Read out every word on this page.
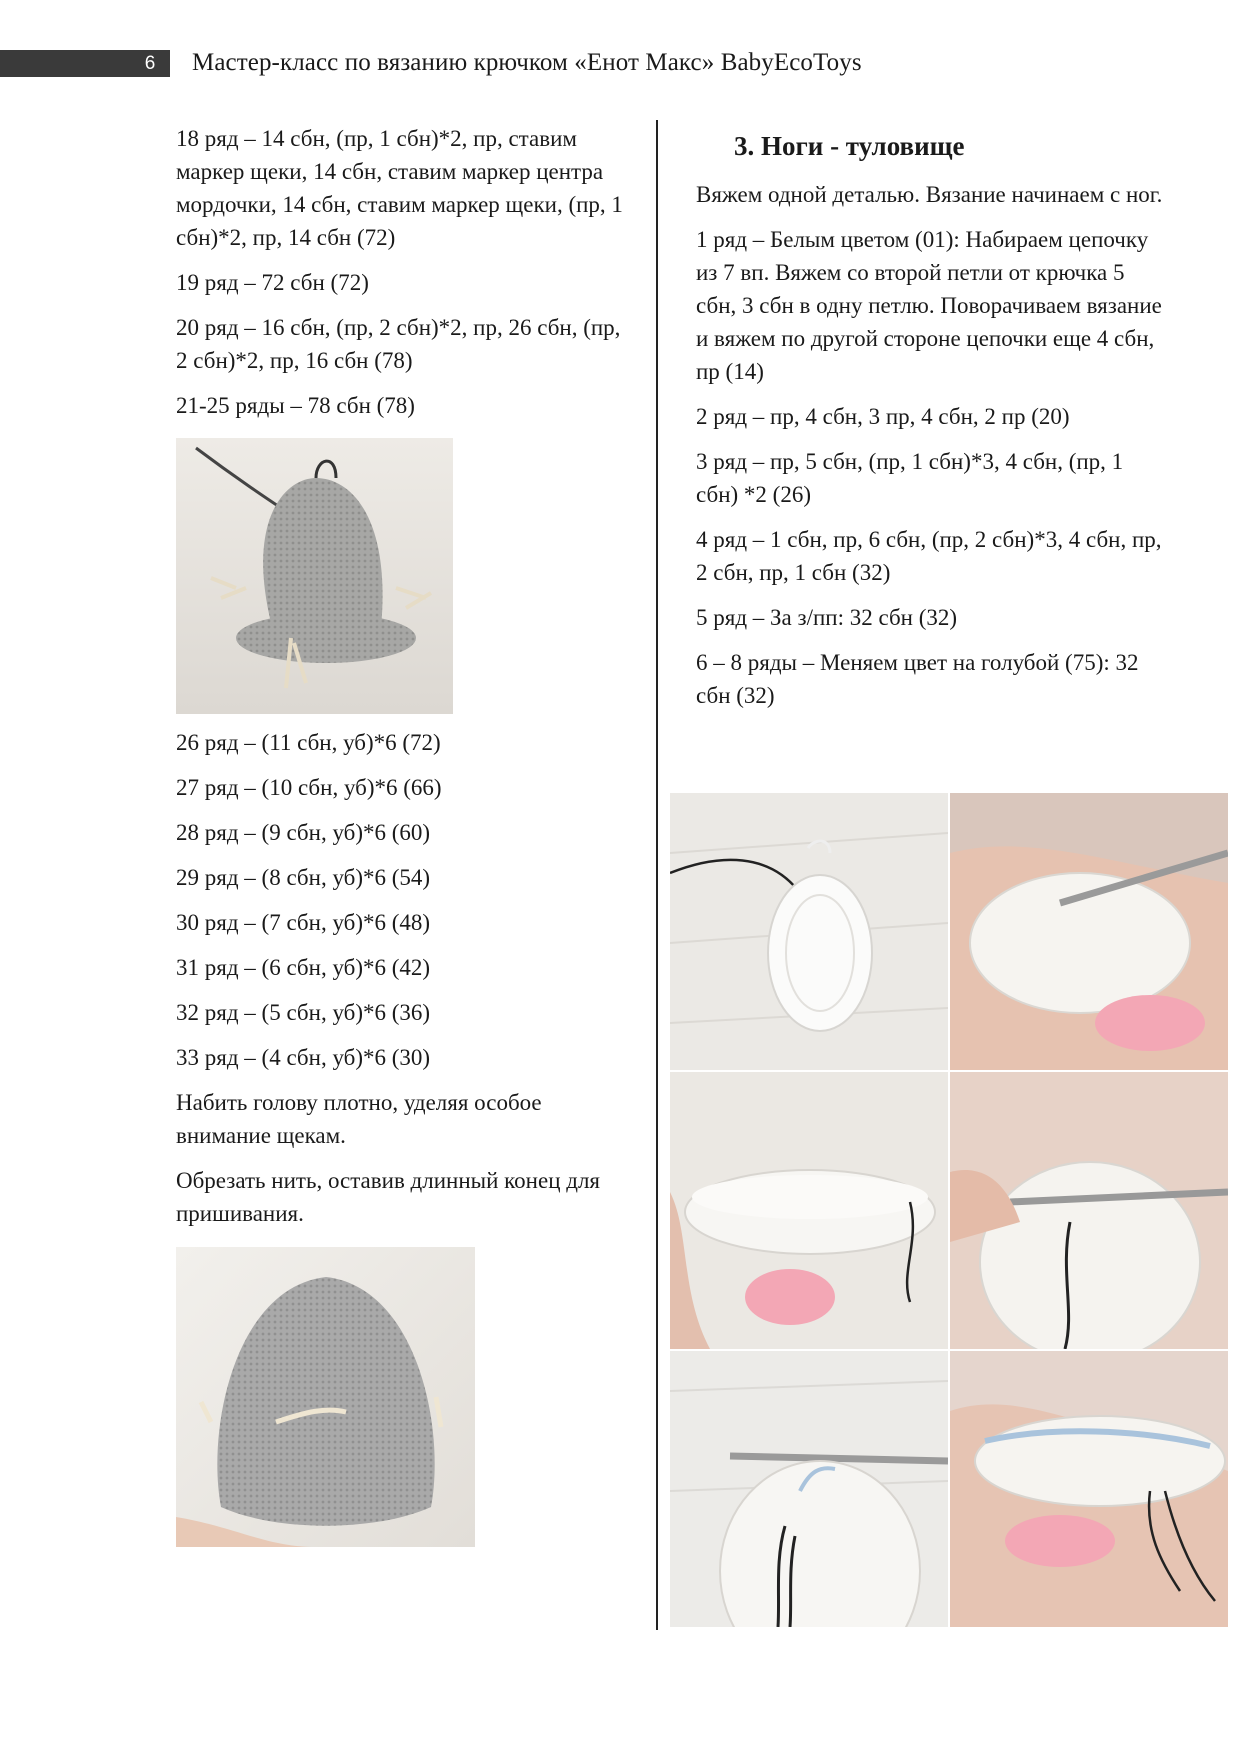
6	Мастер-класс по вязанию крючком «Енот Макс» BabyEcoToys

18 ряд – 14 сбн, (пр, 1 сбн)*2, пр, ставим маркер щеки, 14 сбн, ставим маркер центра мордочки, 14 сбн, ставим маркер щеки, (пр, 1 сбн)*2, пр, 14 сбн (72)

19 ряд – 72 сбн (72)

20 ряд – 16 сбн, (пр, 2 сбн)*2, пр, 26 сбн, (пр, 2 сбн)*2, пр, 16 сбн (78)

21-25 ряды – 78 сбн (78)

26 ряд – (11 сбн, уб)*6 (72)

27 ряд – (10 сбн, уб)*6 (66)

28 ряд – (9 сбн, уб)*6 (60)

29 ряд – (8 сбн, уб)*6 (54)

30 ряд – (7 сбн, уб)*6 (48)

31 ряд – (6 сбн, уб)*6 (42)

32 ряд – (5 сбн, уб)*6 (36)

33 ряд – (4 сбн, уб)*6 (30)

Набить голову плотно, уделяя особое внимание щекам.

Обрезать нить, оставив длинный конец для пришивания.

3. Ноги - туловище

Вяжем одной деталью. Вязание начинаем с ног.

1 ряд – Белым цветом (01): Набираем цепочку из 7 вп. Вяжем со второй петли от крючка 5 сбн, 3 сбн в одну петлю. Поворачиваем вязание и вяжем по другой стороне цепочки еще 4 сбн, пр (14)

2 ряд – пр, 4 сбн, 3 пр, 4 сбн, 2 пр (20)

3 ряд – пр, 5 сбн, (пр, 1 сбн)*3, 4 сбн, (пр, 1 сбн) *2 (26)

4 ряд – 1 сбн, пр, 6 сбн, (пр, 2 сбн)*3, 4 сбн, пр, 2 сбн, пр, 1 сбн (32)

5 ряд – За з/пп: 32 сбн (32)

6 – 8 ряды – Меняем цвет на голубой (75): 32 сбн (32)
